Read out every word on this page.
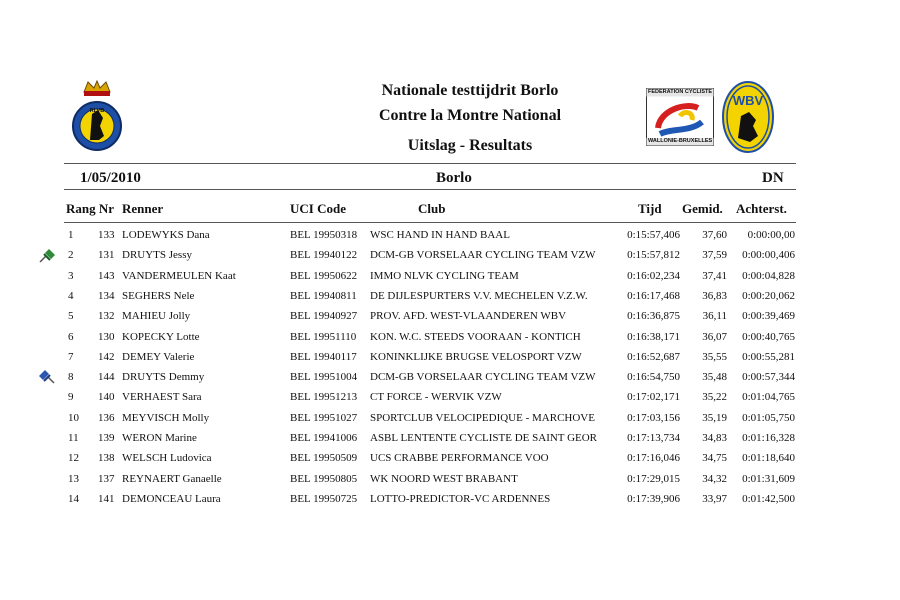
Nationale testtijdrit Borlo
Contre la Montre National
Uitslag - Resultats
RLVB
FEDERATION CYCLISTE
WALLONIE-BRUXELLES
WBV
1/05/2010	Borlo	DN
Rang Nr Renner	UCI Code	Club	Tijd Gemid. Achterst.
1 133 LODEWYKS Dana	BEL 19950318 WSC HAND IN HAND BAAL	0:15:57,406 37,60 0:00:00,00
2 131 DRUYTS Jessy	BEL 19940122 DCM-GB VORSELAAR CYCLING TEAM VZW	0:15:57,812 37,59 0:00:00,406
3 143 VANDERMEULEN Kaat	BEL 19950622 IMMO NLVK CYCLING TEAM	0:16:02,234 37,41 0:00:04,828
4 134 SEGHERS Nele	BEL 19940811 DE DIJLESPURTERS V.V. MECHELEN V.Z.W.	0:16:17,468 36,83 0:00:20,062
5 132 MAHIEU Jolly	BEL 19940927 PROV. AFD. WEST-VLAANDEREN WBV	0:16:36,875 36,11 0:00:39,469
6 130 KOPECKY Lotte	BEL 19951110 KON. W.C. STEEDS VOORAAN - KONTICH	0:16:38,171 36,07 0:00:40,765
7 142 DEMEY Valerie	BEL 19940117 KONINKLIJKE BRUGSE VELOSPORT VZW	0:16:52,687 35,55 0:00:55,281
8 144 DRUYTS Demmy	BEL 19951004 DCM-GB VORSELAAR CYCLING TEAM VZW	0:16:54,750 35,48 0:00:57,344
9 140 VERHAEST Sara	BEL 19951213 CT FORCE - WERVIK VZW	0:17:02,171 35,22 0:01:04,765
10 136 MEYVISCH Molly	BEL 19951027 SPORTCLUB VELOCIPEDIQUE - MARCHOVE	0:17:03,156 35,19 0:01:05,750
11 139 WERON Marine	BEL 19941006 ASBL LENTENTE CYCLISTE DE SAINT GEOR	0:17:13,734 34,83 0:01:16,328
12 138 WELSCH Ludovica	BEL 19950509 UCS CRABBE PERFORMANCE VOO	0:17:16,046 34,75 0:01:18,640
13 137 REYNAERT Ganaelle	BEL 19950805 WK NOORD WEST BRABANT	0:17:29,015 34,32 0:01:31,609
14 141 DEMONCEAU Laura	BEL 19950725 LOTTO-PREDICTOR-VC ARDENNES	0:17:39,906 33,97 0:01:42,500
